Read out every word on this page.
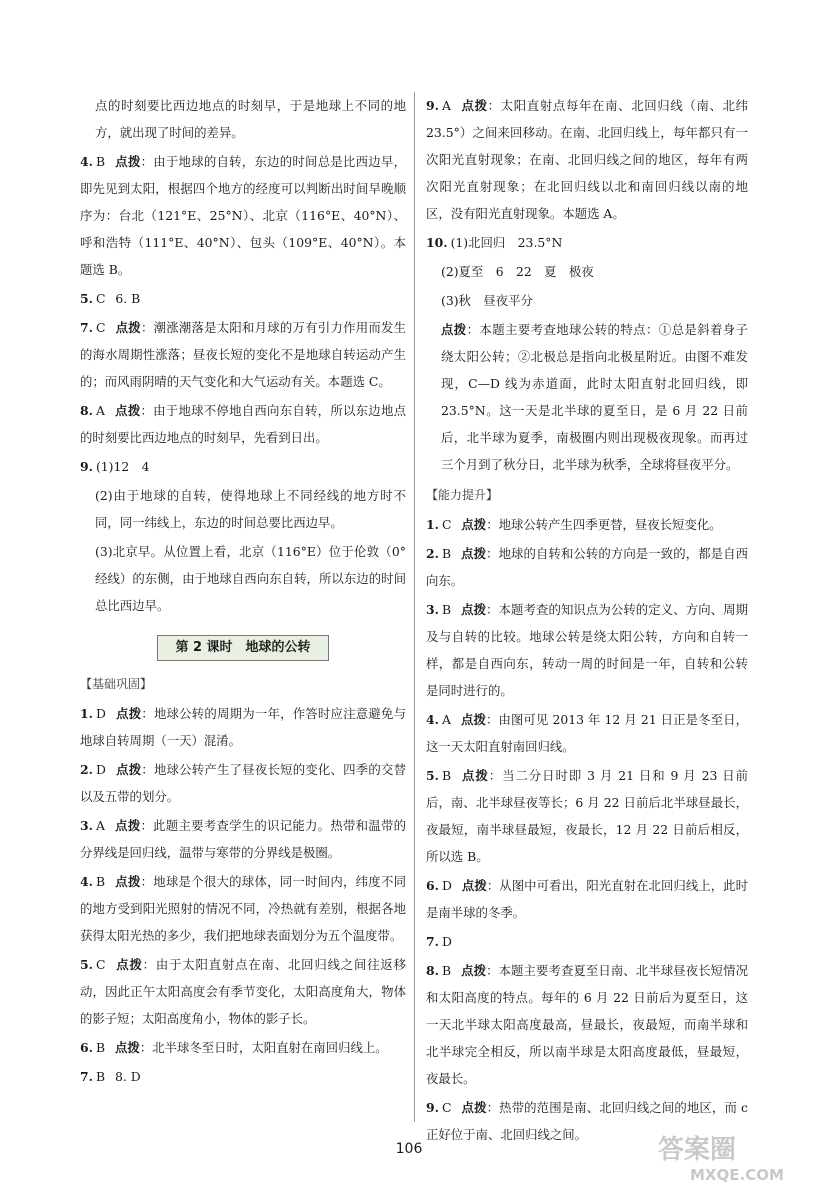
点的时刻要比西边地点的时刻早，于是地球上不同的地方，就出现了时间的差异。
4. B 点拨：由于地球的自转，东边的时间总是比西边早，即先见到太阳，根据四个地方的经度可以判断出时间早晚顺序为：台北（121°E、25°N）、北京（116°E、40°N）、呼和浩特（111°E、40°N）、包头（109°E、40°N）。本题选 B。
5. C 6. B
7. C 点拨：潮涨潮落是太阳和月球的万有引力作用而发生的海水周期性涨落；昼夜长短的变化不是地球自转运动产生的；而风雨阴晴的天气变化和大气运动有关。本题选 C。
8. A 点拨：由于地球不停地自西向东自转，所以东边地点的时刻要比西边地点的时刻早，先看到日出。
9. (1)12　4
(2)由于地球的自转，使得地球上不同经线的地方时不同，同一纬线上，东边的时间总要比西边早。
(3)北京早。从位置上看，北京（116°E）位于伦敦（0°经线）的东侧，由于地球自西向东自转，所以东边的时间总比西边早。
第 2 课时　地球的公转
【基础巩固】
1. D 点拨：地球公转的周期为一年，作答时应注意避免与地球自转周期（一天）混淆。
2. D 点拨：地球公转产生了昼夜长短的变化、四季的交替以及五带的划分。
3. A 点拨：此题主要考查学生的识记能力。热带和温带的分界线是回归线，温带与寒带的分界线是极圈。
4. B 点拨：地球是个很大的球体，同一时间内，纬度不同的地方受到阳光照射的情况不同，冷热就有差别，根据各地获得太阳光热的多少，我们把地球表面划分为五个温度带。
5. C 点拨：由于太阳直射点在南、北回归线之间往返移动，因此正午太阳高度会有季节变化，太阳高度角大，物体的影子短；太阳高度角小，物体的影子长。
6. B 点拨：北半球冬至日时，太阳直射在南回归线上。
7. B 8. D
9. A 点拨：太阳直射点每年在南、北回归线（南、北纬 23.5°）之间来回移动。在南、北回归线上，每年都只有一次阳光直射现象；在南、北回归线之间的地区，每年有两次阳光直射现象；在北回归线以北和南回归线以南的地区，没有阳光直射现象。本题选 A。
10. (1)北回归　23.5°N
(2)夏至　6　22　夏　极夜
(3)秋　昼夜平分
点拨：本题主要考查地球公转的特点：①总是斜着身子绕太阳公转；②北极总是指向北极星附近。由图不难发现，C—D 线为赤道面，此时太阳直射北回归线，即 23.5°N。这一天是北半球的夏至日，是 6 月 22 日前后，北半球为夏季，南极圈内则出现极夜现象。而再过三个月到了秋分日，北半球为秋季，全球将昼夜平分。
【能力提升】
1. C 点拨：地球公转产生四季更替，昼夜长短变化。
2. B 点拨：地球的自转和公转的方向是一致的，都是自西向东。
3. B 点拨：本题考查的知识点为公转的定义、方向、周期及与自转的比较。地球公转是绕太阳公转，方向和自转一样，都是自西向东，转动一周的时间是一年，自转和公转是同时进行的。
4. A 点拨：由图可见 2013 年 12 月 21 日正是冬至日，这一天太阳直射南回归线。
5. B 点拨：当二分日时即 3 月 21 日和 9 月 23 日前后，南、北半球昼夜等长；6 月 22 日前后北半球昼最长，夜最短，南半球昼最短，夜最长，12 月 22 日前后相反，所以选 B。
6. D 点拨：从图中可看出，阳光直射在北回归线上，此时是南半球的冬季。
7. D
8. B 点拨：本题主要考查夏至日南、北半球昼夜长短情况和太阳高度的特点。每年的 6 月 22 日前后为夏至日，这一天北半球太阳高度最高，昼最长，夜最短，而南半球和北半球完全相反，所以南半球是太阳高度最低，昼最短，夜最长。
9. C 点拨：热带的范围是南、北回归线之间的地区，而 c 正好位于南、北回归线之间。
106	答案圈
MXQE.COM
